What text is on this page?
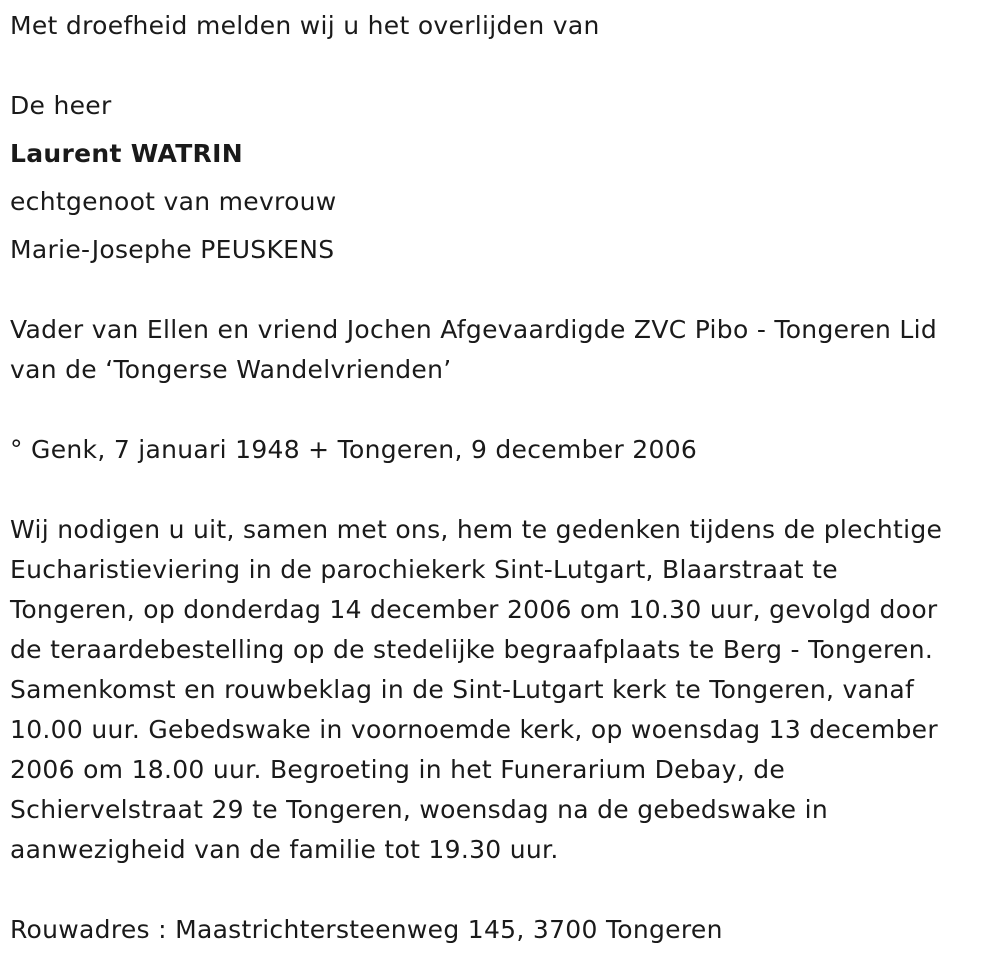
Met droefheid melden wij u het overlijden van
De heer
Laurent WATRIN
echtgenoot van mevrouw
Marie-Josephe PEUSKENS
Vader van Ellen en vriend Jochen Afgevaardigde ZVC Pibo - Tongeren Lid
van de ‘Tongerse Wandelvrienden’
° Genk, 7 januari 1948 + Tongeren, 9 december 2006
Wij nodigen u uit, samen met ons, hem te gedenken tijdens de plechtige
Eucharistieviering in de parochiekerk Sint-Lutgart, Blaarstraat te
Tongeren, op donderdag 14 december 2006 om 10.30 uur, gevolgd door
de teraardebestelling op de stedelijke begraafplaats te Berg - Tongeren.
Samenkomst en rouwbeklag in de Sint-Lutgart kerk te Tongeren, vanaf
10.00 uur. Gebedswake in voornoemde kerk, op woensdag 13 december
2006 om 18.00 uur. Begroeting in het Funerarium Debay, de
Schiervelstraat 29 te Tongeren, woensdag na de gebedswake in
aanwezigheid van de familie tot 19.30 uur.
Rouwadres : Maastrichtersteenweg 145, 3700 Tongeren
